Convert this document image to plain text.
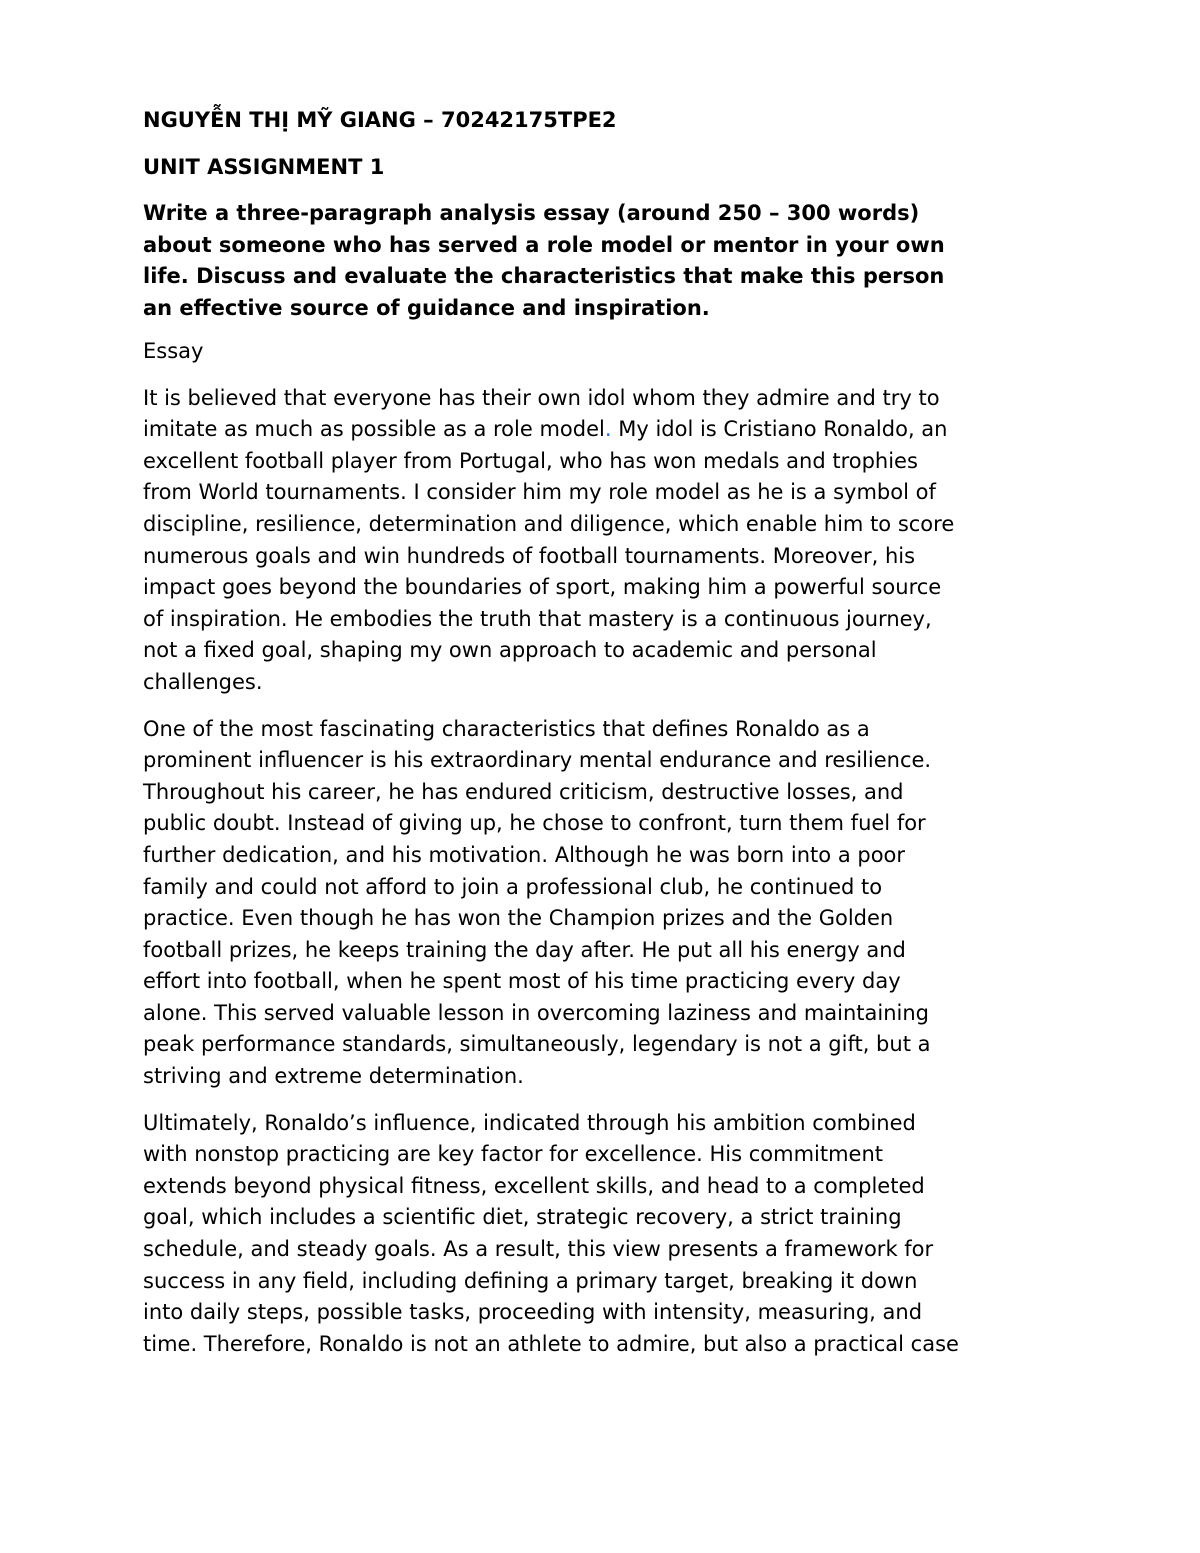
NGUYỄN THỊ MỸ GIANG – 70242175TPE2
UNIT ASSIGNMENT 1
Write a three-paragraph analysis essay (around 250 – 300 words)
about someone who has served a role model or mentor in your own
life. Discuss and evaluate the characteristics that make this person
an effective source of guidance and inspiration.
Essay
It is believed that everyone has their own idol whom they admire and try to
imitate as much as possible as a role model. My idol is Cristiano Ronaldo, an
excellent football player from Portugal, who has won medals and trophies
from World tournaments. I consider him my role model as he is a symbol of
discipline, resilience, determination and diligence, which enable him to score
numerous goals and win hundreds of football tournaments. Moreover, his
impact goes beyond the boundaries of sport, making him a powerful source
of inspiration. He embodies the truth that mastery is a continuous journey,
not a fixed goal, shaping my own approach to academic and personal
challenges.
One of the most fascinating characteristics that defines Ronaldo as a
prominent influencer is his extraordinary mental endurance and resilience.
Throughout his career, he has endured criticism, destructive losses, and
public doubt. Instead of giving up, he chose to confront, turn them fuel for
further dedication, and his motivation. Although he was born into a poor
family and could not afford to join a professional club, he continued to
practice. Even though he has won the Champion prizes and the Golden
football prizes, he keeps training the day after. He put all his energy and
effort into football, when he spent most of his time practicing every day
alone. This served valuable lesson in overcoming laziness and maintaining
peak performance standards, simultaneously, legendary is not a gift, but a
striving and extreme determination.
Ultimately, Ronaldo’s influence, indicated through his ambition combined
with nonstop practicing are key factor for excellence. His commitment
extends beyond physical fitness, excellent skills, and head to a completed
goal, which includes a scientific diet, strategic recovery, a strict training
schedule, and steady goals. As a result, this view presents a framework for
success in any field, including defining a primary target, breaking it down
into daily steps, possible tasks, proceeding with intensity, measuring, and
time. Therefore, Ronaldo is not an athlete to admire, but also a practical case
